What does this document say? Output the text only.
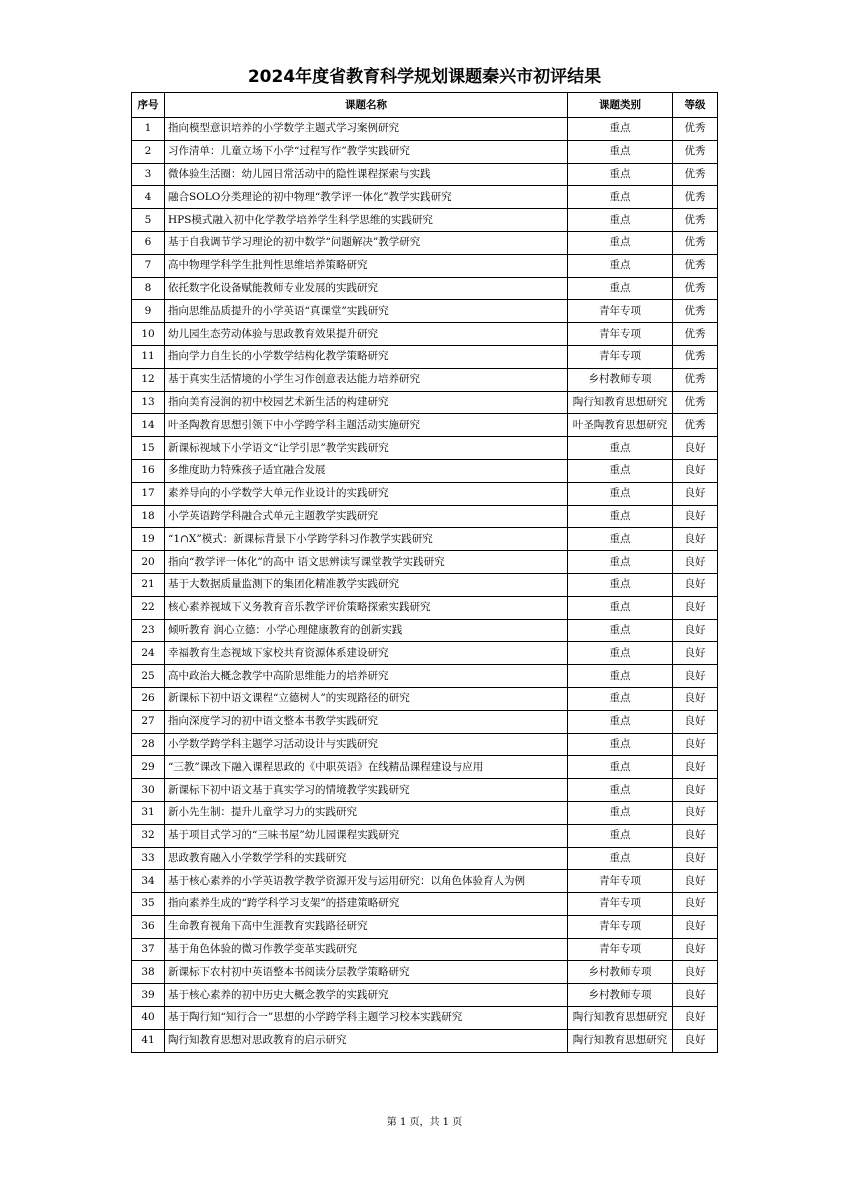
2024年度省教育科学规划课题秦兴市初评结果
序号	课题名称	课题类别	等级
1	指向模型意识培养的小学数学主题式学习案例研究	重点	优秀
2	习作清单：儿童立场下小学“过程写作”教学实践研究	重点	优秀
3	微体验生活圈：幼儿园日常活动中的隐性课程探索与实践	重点	优秀
4	融合SOLO分类理论的初中物理“教学评一体化”教学实践研究	重点	优秀
5	HPS模式融入初中化学教学培养学生科学思维的实践研究	重点	优秀
6	基于自我调节学习理论的初中数学“问题解决”教学研究	重点	优秀
7	高中物理学科学生批判性思维培养策略研究	重点	优秀
8	依托数字化设备赋能教师专业发展的实践研究	重点	优秀
9	指向思维品质提升的小学英语“真课堂”实践研究	青年专项	优秀
10	幼儿园生态劳动体验与思政教育效果提升研究	青年专项	优秀
11	指向学力自生长的小学数学结构化教学策略研究	青年专项	优秀
12	基于真实生活情境的小学生习作创意表达能力培养研究	乡村教师专项	优秀
13	指向美育浸润的初中校园艺术新生活的构建研究	陶行知教育思想研究	优秀
14	叶圣陶教育思想引领下中小学跨学科主题活动实施研究	叶圣陶教育思想研究	优秀
15	新课标视域下小学语文“让学引思”教学实践研究	重点	良好
16	多维度助力特殊孩子适宜融合发展	重点	良好
17	素养导向的小学数学大单元作业设计的实践研究	重点	良好
18	小学英语跨学科融合式单元主题教学实践研究	重点	良好
19	“1∩X”模式：新课标背景下小学跨学科习作教学实践研究	重点	良好
20	指向“教学评一体化”的高中 语文思辨读写课堂教学实践研究	重点	良好
21	基于大数据质量监测下的集团化精准教学实践研究	重点	良好
22	核心素养视域下义务教育音乐教学评价策略探索实践研究	重点	良好
23	倾听教育 润心立德：小学心理健康教育的创新实践	重点	良好
24	幸福教育生态视域下家校共育资源体系建设研究	重点	良好
25	高中政治大概念教学中高阶思维能力的培养研究	重点	良好
26	新课标下初中语文课程“立德树人”的实现路径的研究	重点	良好
27	指向深度学习的初中语文整本书教学实践研究	重点	良好
28	小学数学跨学科主题学习活动设计与实践研究	重点	良好
29	“三教”课改下融入课程思政的《中职英语》在线精品课程建设与应用	重点	良好
30	新课标下初中语文基于真实学习的情境教学实践研究	重点	良好
31	新小先生制：提升儿童学习力的实践研究	重点	良好
32	基于项目式学习的“三味书屋”幼儿园课程实践研究	重点	良好
33	思政教育融入小学数学学科的实践研究	重点	良好
34	基于核心素养的小学英语教学教学资源开发与运用研究：以角色体验育人为例	青年专项	良好
35	指向素养生成的“跨学科学习支架”的搭建策略研究	青年专项	良好
36	生命教育视角下高中生涯教育实践路径研究	青年专项	良好
37	基于角色体验的微习作教学变革实践研究	青年专项	良好
38	新课标下农村初中英语整本书阅读分层教学策略研究	乡村教师专项	良好
39	基于核心素养的初中历史大概念教学的实践研究	乡村教师专项	良好
40	基于陶行知“知行合一”思想的小学跨学科主题学习校本实践研究	陶行知教育思想研究	良好
41	陶行知教育思想对思政教育的启示研究	陶行知教育思想研究	良好
第 1 页，共 1 页
